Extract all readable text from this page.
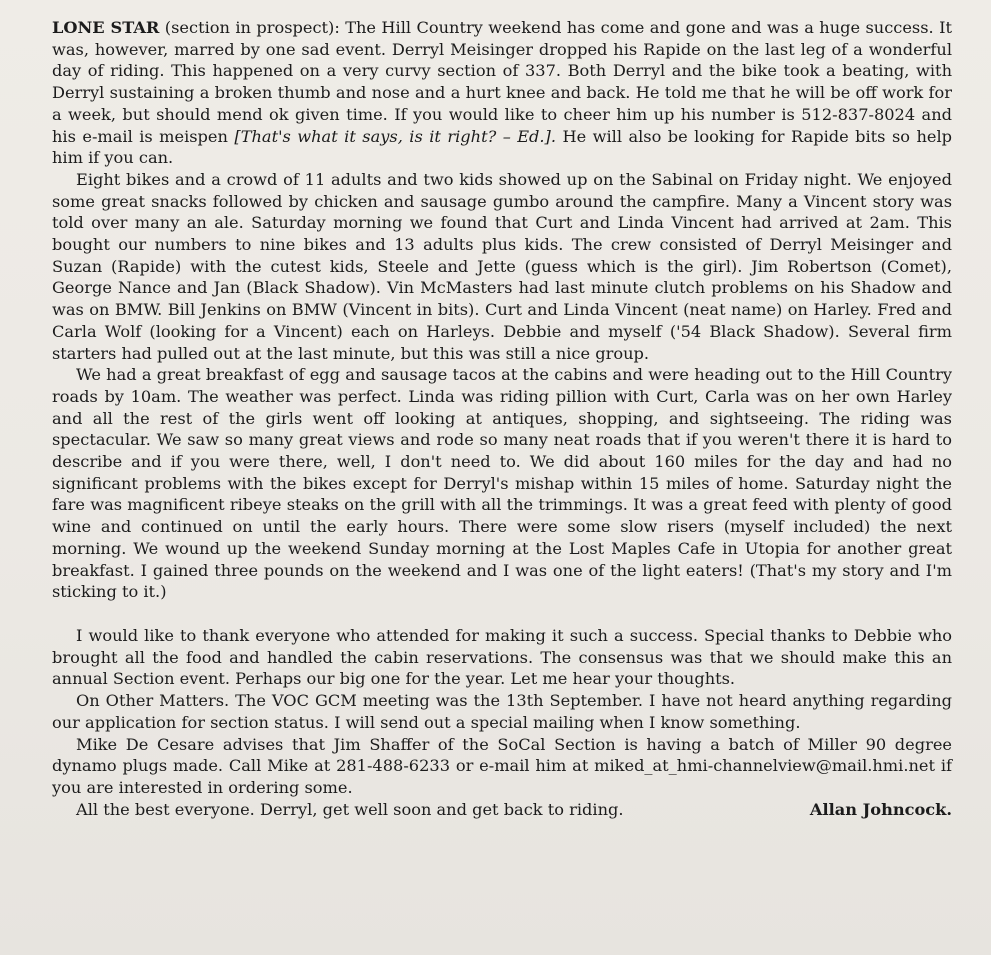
LONE STAR (section in prospect): The Hill Country weekend has come and gone and was a huge success. It was, however, marred by one sad event. Derryl Meisinger dropped his Rapide on the last leg of a wonderful day of riding. This happened on a very curvy section of 337. Both Derryl and the bike took a beating, with Derryl sustaining a broken thumb and nose and a hurt knee and back. He told me that he will be off work for a week, but should mend ok given time. If you would like to cheer him up his number is 512-837-8024 and his e-mail is meispen [That's what it says, is it right? – Ed.]. He will also be looking for Rapide bits so help him if you can.

Eight bikes and a crowd of 11 adults and two kids showed up on the Sabinal on Friday night. We enjoyed some great snacks followed by chicken and sausage gumbo around the campfire. Many a Vincent story was told over many an ale. Saturday morning we found that Curt and Linda Vincent had arrived at 2am. This bought our numbers to nine bikes and 13 adults plus kids. The crew consisted of Derryl Meisinger and Suzan (Rapide) with the cutest kids, Steele and Jette (guess which is the girl). Jim Robertson (Comet), George Nance and Jan (Black Shadow). Vin McMasters had last minute clutch problems on his Shadow and was on BMW. Bill Jenkins on BMW (Vincent in bits). Curt and Linda Vincent (neat name) on Harley. Fred and Carla Wolf (looking for a Vincent) each on Harleys. Debbie and myself ('54 Black Shadow). Several firm starters had pulled out at the last minute, but this was still a nice group.

We had a great breakfast of egg and sausage tacos at the cabins and were heading out to the Hill Country roads by 10am. The weather was perfect. Linda was riding pillion with Curt, Carla was on her own Harley and all the rest of the girls went off looking at antiques, shopping, and sightseeing. The riding was spectacular. We saw so many great views and rode so many neat roads that if you weren't there it is hard to describe and if you were there, well, I don't need to. We did about 160 miles for the day and had no significant problems with the bikes except for Derryl's mishap within 15 miles of home. Saturday night the fare was magnificent ribeye steaks on the grill with all the trimmings. It was a great feed with plenty of good wine and continued on until the early hours. There were some slow risers (myself included) the next morning. We wound up the weekend Sunday morning at the Lost Maples Cafe in Utopia for another great breakfast. I gained three pounds on the weekend and I was one of the light eaters! (That's my story and I'm sticking to it.)

I would like to thank everyone who attended for making it such a success. Special thanks to Debbie who brought all the food and handled the cabin reservations. The consensus was that we should make this an annual Section event. Perhaps our big one for the year. Let me hear your thoughts.

On Other Matters. The VOC GCM meeting was the 13th September. I have not heard anything regarding our application for section status. I will send out a special mailing when I know something.

Mike De Cesare advises that Jim Shaffer of the SoCal Section is having a batch of Miller 90 degree dynamo plugs made. Call Mike at 281-488-6233 or e-mail him at miked_at_hmi-channelview@mail.hmi.net if you are interested in ordering some.

All the best everyone. Derryl, get well soon and get back to riding.	Allan Johncock.
